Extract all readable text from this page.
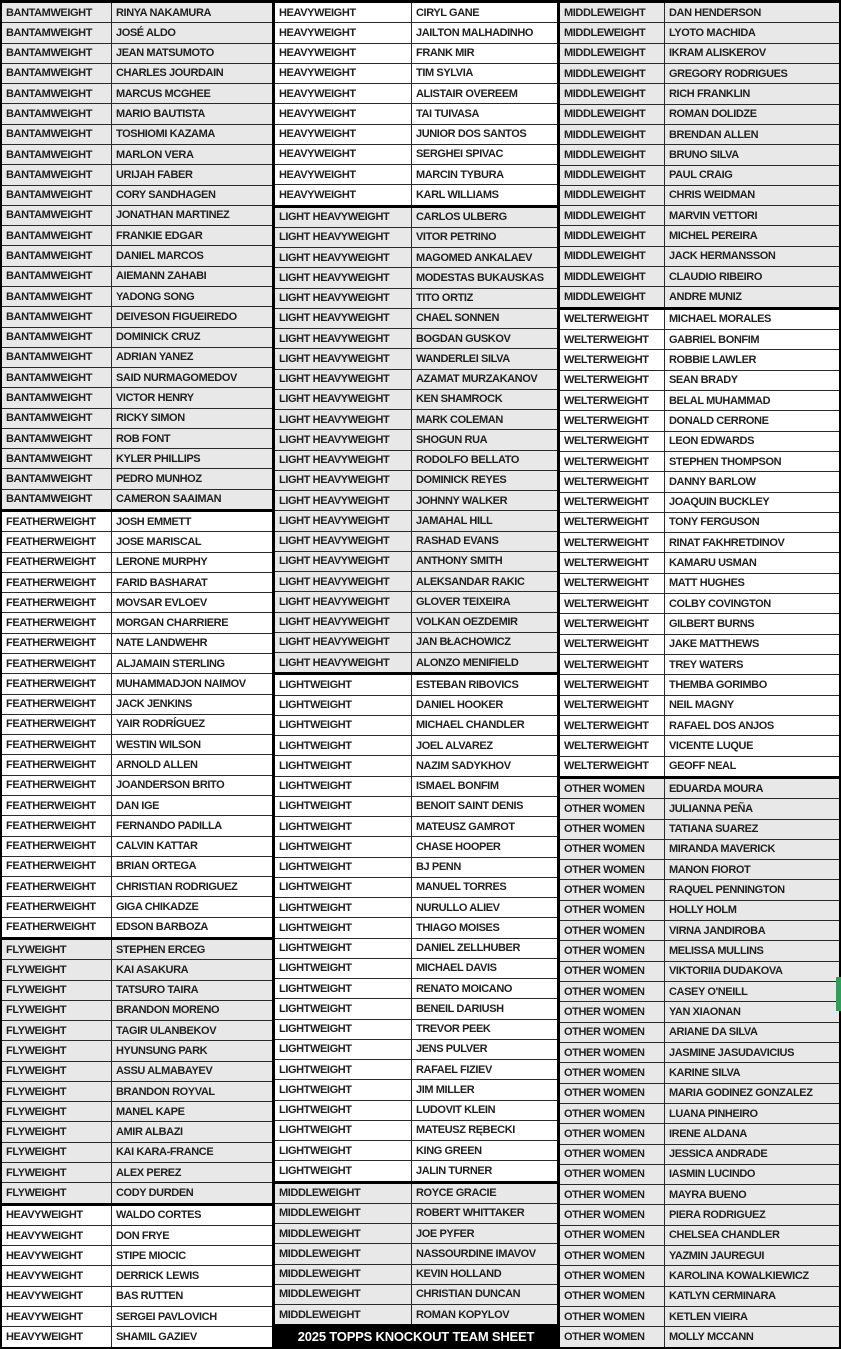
BANTAMWEIGHT	RINYA NAKAMURA
BANTAMWEIGHT	JOSÉ ALDO
BANTAMWEIGHT	JEAN MATSUMOTO
BANTAMWEIGHT	CHARLES JOURDAIN
BANTAMWEIGHT	MARCUS MCGHEE
BANTAMWEIGHT	MARIO BAUTISTA
BANTAMWEIGHT	TOSHIOMI KAZAMA
BANTAMWEIGHT	MARLON VERA
BANTAMWEIGHT	URIJAH FABER
BANTAMWEIGHT	CORY SANDHAGEN
BANTAMWEIGHT	JONATHAN MARTINEZ
BANTAMWEIGHT	FRANKIE EDGAR
BANTAMWEIGHT	DANIEL MARCOS
BANTAMWEIGHT	AIEMANN ZAHABI
BANTAMWEIGHT	YADONG SONG
BANTAMWEIGHT	DEIVESON FIGUEIREDO
BANTAMWEIGHT	DOMINICK CRUZ
BANTAMWEIGHT	ADRIAN YANEZ
BANTAMWEIGHT	SAID NURMAGOMEDOV
BANTAMWEIGHT	VICTOR HENRY
BANTAMWEIGHT	RICKY SIMON
BANTAMWEIGHT	ROB FONT
BANTAMWEIGHT	KYLER PHILLIPS
BANTAMWEIGHT	PEDRO MUNHOZ
BANTAMWEIGHT	CAMERON SAAIMAN
FEATHERWEIGHT	JOSH EMMETT
FEATHERWEIGHT	JOSE MARISCAL
FEATHERWEIGHT	LERONE MURPHY
FEATHERWEIGHT	FARID BASHARAT
FEATHERWEIGHT	MOVSAR EVLOEV
FEATHERWEIGHT	MORGAN CHARRIERE
FEATHERWEIGHT	NATE LANDWEHR
FEATHERWEIGHT	ALJAMAIN STERLING
FEATHERWEIGHT	MUHAMMADJON NAIMOV
FEATHERWEIGHT	JACK JENKINS
FEATHERWEIGHT	YAIR RODRÍGUEZ
FEATHERWEIGHT	WESTIN WILSON
FEATHERWEIGHT	ARNOLD ALLEN
FEATHERWEIGHT	JOANDERSON BRITO
FEATHERWEIGHT	DAN IGE
FEATHERWEIGHT	FERNANDO PADILLA
FEATHERWEIGHT	CALVIN KATTAR
FEATHERWEIGHT	BRIAN ORTEGA
FEATHERWEIGHT	CHRISTIAN RODRIGUEZ
FEATHERWEIGHT	GIGA CHIKADZE
FEATHERWEIGHT	EDSON BARBOZA
FLYWEIGHT	STEPHEN ERCEG
FLYWEIGHT	KAI ASAKURA
FLYWEIGHT	TATSURO TAIRA
FLYWEIGHT	BRANDON MORENO
FLYWEIGHT	TAGIR ULANBEKOV
FLYWEIGHT	HYUNSUNG PARK
FLYWEIGHT	ASSU ALMABAYEV
FLYWEIGHT	BRANDON ROYVAL
FLYWEIGHT	MANEL KAPE
FLYWEIGHT	AMIR ALBAZI
FLYWEIGHT	KAI KARA-FRANCE
FLYWEIGHT	ALEX PEREZ
FLYWEIGHT	CODY DURDEN
HEAVYWEIGHT	WALDO CORTES
HEAVYWEIGHT	DON FRYE
HEAVYWEIGHT	STIPE MIOCIC
HEAVYWEIGHT	DERRICK LEWIS
HEAVYWEIGHT	BAS RUTTEN
HEAVYWEIGHT	SERGEI PAVLOVICH
HEAVYWEIGHT	SHAMIL GAZIEV
HEAVYWEIGHT	CIRYL GANE
HEAVYWEIGHT	JAILTON MALHADINHO
HEAVYWEIGHT	FRANK MIR
HEAVYWEIGHT	TIM SYLVIA
HEAVYWEIGHT	ALISTAIR OVEREEM
HEAVYWEIGHT	TAI TUIVASA
HEAVYWEIGHT	JUNIOR DOS SANTOS
HEAVYWEIGHT	SERGHEI SPIVAC
HEAVYWEIGHT	MARCIN TYBURA
HEAVYWEIGHT	KARL WILLIAMS
LIGHT HEAVYWEIGHT	CARLOS ULBERG
LIGHT HEAVYWEIGHT	VITOR PETRINO
LIGHT HEAVYWEIGHT	MAGOMED ANKALAEV
LIGHT HEAVYWEIGHT	MODESTAS BUKAUSKAS
LIGHT HEAVYWEIGHT	TITO ORTIZ
LIGHT HEAVYWEIGHT	CHAEL SONNEN
LIGHT HEAVYWEIGHT	BOGDAN GUSKOV
LIGHT HEAVYWEIGHT	WANDERLEI SILVA
LIGHT HEAVYWEIGHT	AZAMAT MURZAKANOV
LIGHT HEAVYWEIGHT	KEN SHAMROCK
LIGHT HEAVYWEIGHT	MARK COLEMAN
LIGHT HEAVYWEIGHT	SHOGUN RUA
LIGHT HEAVYWEIGHT	RODOLFO BELLATO
LIGHT HEAVYWEIGHT	DOMINICK REYES
LIGHT HEAVYWEIGHT	JOHNNY WALKER
LIGHT HEAVYWEIGHT	JAMAHAL HILL
LIGHT HEAVYWEIGHT	RASHAD EVANS
LIGHT HEAVYWEIGHT	ANTHONY SMITH
LIGHT HEAVYWEIGHT	ALEKSANDAR RAKIC
LIGHT HEAVYWEIGHT	GLOVER TEIXEIRA
LIGHT HEAVYWEIGHT	VOLKAN OEZDEMIR
LIGHT HEAVYWEIGHT	JAN BŁACHOWICZ
LIGHT HEAVYWEIGHT	ALONZO MENIFIELD
LIGHTWEIGHT	ESTEBAN RIBOVICS
LIGHTWEIGHT	DANIEL HOOKER
LIGHTWEIGHT	MICHAEL CHANDLER
LIGHTWEIGHT	JOEL ALVAREZ
LIGHTWEIGHT	NAZIM SADYKHOV
LIGHTWEIGHT	ISMAEL BONFIM
LIGHTWEIGHT	BENOIT SAINT DENIS
LIGHTWEIGHT	MATEUSZ GAMROT
LIGHTWEIGHT	CHASE HOOPER
LIGHTWEIGHT	BJ PENN
LIGHTWEIGHT	MANUEL TORRES
LIGHTWEIGHT	NURULLO ALIEV
LIGHTWEIGHT	THIAGO MOISES
LIGHTWEIGHT	DANIEL ZELLHUBER
LIGHTWEIGHT	MICHAEL DAVIS
LIGHTWEIGHT	RENATO MOICANO
LIGHTWEIGHT	BENEIL DARIUSH
LIGHTWEIGHT	TREVOR PEEK
LIGHTWEIGHT	JENS PULVER
LIGHTWEIGHT	RAFAEL FIZIEV
LIGHTWEIGHT	JIM MILLER
LIGHTWEIGHT	LUDOVIT KLEIN
LIGHTWEIGHT	MATEUSZ RĘBECKI
LIGHTWEIGHT	KING GREEN
LIGHTWEIGHT	JALIN TURNER
MIDDLEWEIGHT	ROYCE GRACIE
MIDDLEWEIGHT	ROBERT WHITTAKER
MIDDLEWEIGHT	JOE PYFER
MIDDLEWEIGHT	NASSOURDINE IMAVOV
MIDDLEWEIGHT	KEVIN HOLLAND
MIDDLEWEIGHT	CHRISTIAN DUNCAN
MIDDLEWEIGHT	ROMAN KOPYLOV
2025 TOPPS KNOCKOUT TEAM SHEET
MIDDLEWEIGHT	DAN HENDERSON
MIDDLEWEIGHT	LYOTO MACHIDA
MIDDLEWEIGHT	IKRAM ALISKEROV
MIDDLEWEIGHT	GREGORY RODRIGUES
MIDDLEWEIGHT	RICH FRANKLIN
MIDDLEWEIGHT	ROMAN DOLIDZE
MIDDLEWEIGHT	BRENDAN ALLEN
MIDDLEWEIGHT	BRUNO SILVA
MIDDLEWEIGHT	PAUL CRAIG
MIDDLEWEIGHT	CHRIS WEIDMAN
MIDDLEWEIGHT	MARVIN VETTORI
MIDDLEWEIGHT	MICHEL PEREIRA
MIDDLEWEIGHT	JACK HERMANSSON
MIDDLEWEIGHT	CLAUDIO RIBEIRO
MIDDLEWEIGHT	ANDRE MUNIZ
WELTERWEIGHT	MICHAEL MORALES
WELTERWEIGHT	GABRIEL BONFIM
WELTERWEIGHT	ROBBIE LAWLER
WELTERWEIGHT	SEAN BRADY
WELTERWEIGHT	BELAL MUHAMMAD
WELTERWEIGHT	DONALD CERRONE
WELTERWEIGHT	LEON EDWARDS
WELTERWEIGHT	STEPHEN THOMPSON
WELTERWEIGHT	DANNY BARLOW
WELTERWEIGHT	JOAQUIN BUCKLEY
WELTERWEIGHT	TONY FERGUSON
WELTERWEIGHT	RINAT FAKHRETDINOV
WELTERWEIGHT	KAMARU USMAN
WELTERWEIGHT	MATT HUGHES
WELTERWEIGHT	COLBY COVINGTON
WELTERWEIGHT	GILBERT BURNS
WELTERWEIGHT	JAKE MATTHEWS
WELTERWEIGHT	TREY WATERS
WELTERWEIGHT	THEMBA GORIMBO
WELTERWEIGHT	NEIL MAGNY
WELTERWEIGHT	RAFAEL DOS ANJOS
WELTERWEIGHT	VICENTE LUQUE
WELTERWEIGHT	GEOFF NEAL
OTHER WOMEN	EDUARDA MOURA
OTHER WOMEN	JULIANNA PEÑA
OTHER WOMEN	TATIANA SUAREZ
OTHER WOMEN	MIRANDA MAVERICK
OTHER WOMEN	MANON FIOROT
OTHER WOMEN	RAQUEL PENNINGTON
OTHER WOMEN	HOLLY HOLM
OTHER WOMEN	VIRNA JANDIROBA
OTHER WOMEN	MELISSA MULLINS
OTHER WOMEN	VIKTORIIA DUDAKOVA
OTHER WOMEN	CASEY O'NEILL
OTHER WOMEN	YAN XIAONAN
OTHER WOMEN	ARIANE DA SILVA
OTHER WOMEN	JASMINE JASUDAVICIUS
OTHER WOMEN	KARINE SILVA
OTHER WOMEN	MARIA GODINEZ GONZALEZ
OTHER WOMEN	LUANA PINHEIRO
OTHER WOMEN	IRENE ALDANA
OTHER WOMEN	JESSICA ANDRADE
OTHER WOMEN	IASMIN LUCINDO
OTHER WOMEN	MAYRA BUENO
OTHER WOMEN	PIERA RODRIGUEZ
OTHER WOMEN	CHELSEA CHANDLER
OTHER WOMEN	YAZMIN JAUREGUI
OTHER WOMEN	KAROLINA KOWALKIEWICZ
OTHER WOMEN	KATLYN CERMINARA
OTHER WOMEN	KETLEN VIEIRA
OTHER WOMEN	MOLLY MCCANN
